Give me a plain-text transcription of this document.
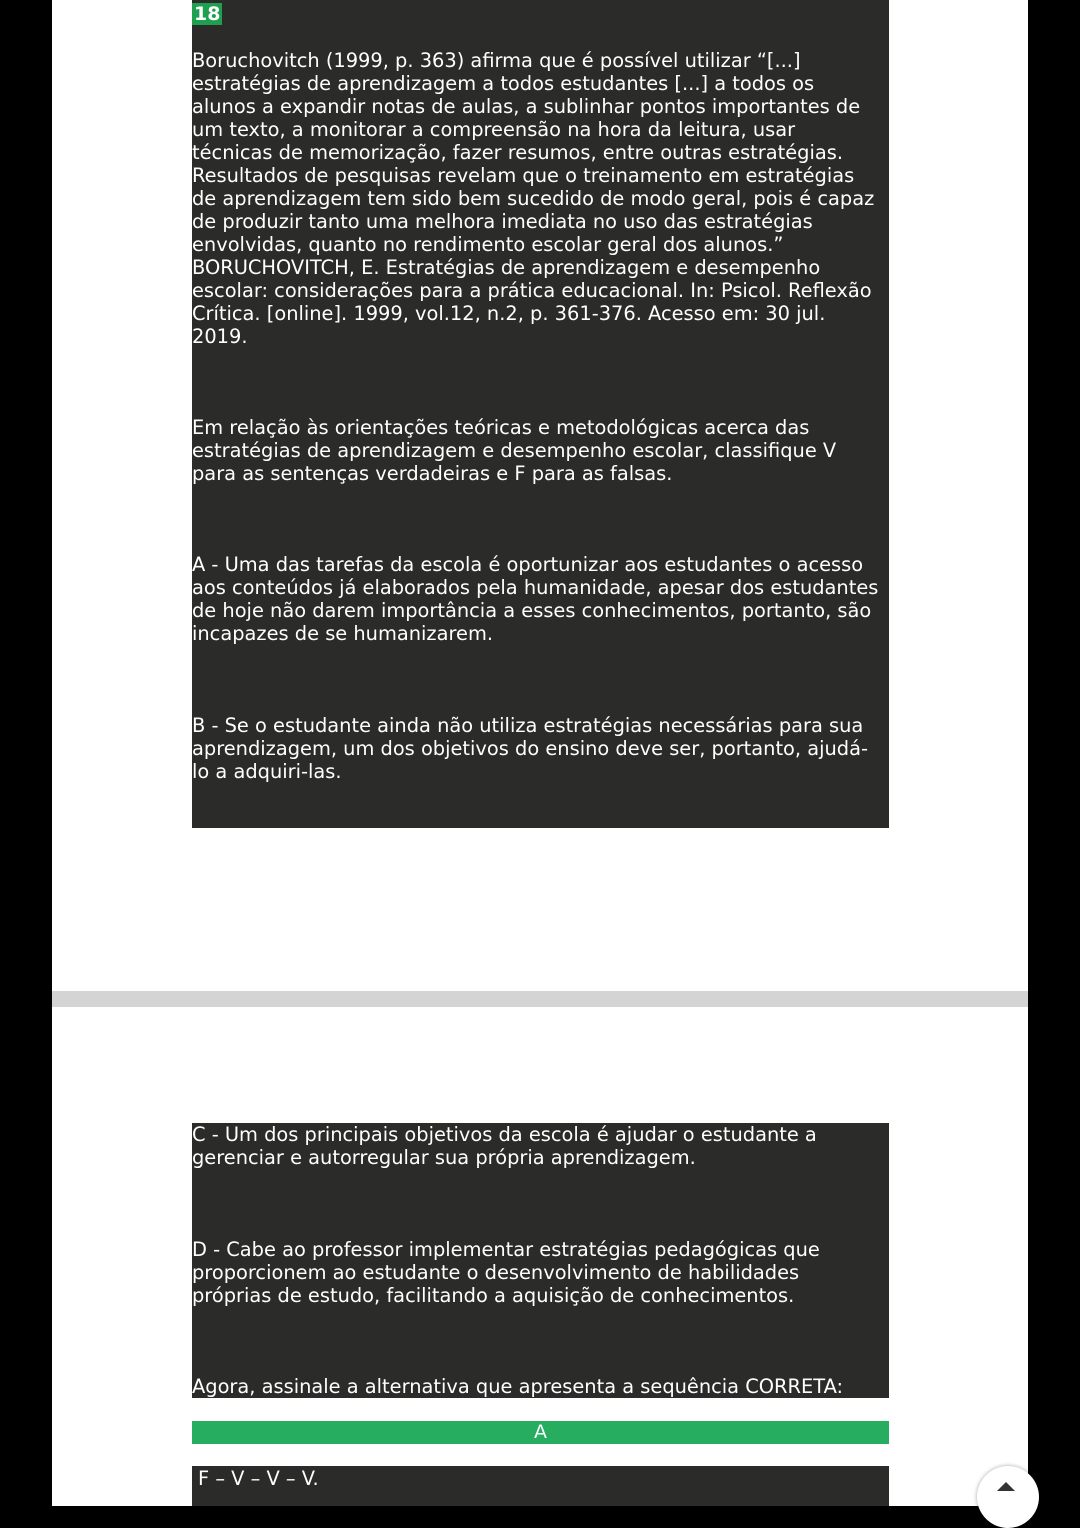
18
Boruchovitch (1999, p. 363) afirma que é possível utilizar “[...]
estratégias de aprendizagem a todos estudantes [...] a todos os
alunos a expandir notas de aulas, a sublinhar pontos importantes de
um texto, a monitorar a compreensão na hora da leitura, usar
técnicas de memorização, fazer resumos, entre outras estratégias.
Resultados de pesquisas revelam que o treinamento em estratégias
de aprendizagem tem sido bem sucedido de modo geral, pois é capaz
de produzir tanto uma melhora imediata no uso das estratégias
envolvidas, quanto no rendimento escolar geral dos alunos.”
BORUCHOVITCH, E. Estratégias de aprendizagem e desempenho
escolar: considerações para a prática educacional. In: Psicol. Reflexão
Crítica. [online]. 1999, vol.12, n.2, p. 361-376. Acesso em: 30 jul.
2019.
Em relação às orientações teóricas e metodológicas acerca das
estratégias de aprendizagem e desempenho escolar, classifique V
para as sentenças verdadeiras e F para as falsas.
A - Uma das tarefas da escola é oportunizar aos estudantes o acesso
aos conteúdos já elaborados pela humanidade, apesar dos estudantes
de hoje não darem importância a esses conhecimentos, portanto, são
incapazes de se humanizarem.
B - Se o estudante ainda não utiliza estratégias necessárias para sua
aprendizagem, um dos objetivos do ensino deve ser, portanto, ajudá-
lo a adquiri-las.
C - Um dos principais objetivos da escola é ajudar o estudante a
gerenciar e autorregular sua própria aprendizagem.
D - Cabe ao professor implementar estratégias pedagógicas que
proporcionem ao estudante o desenvolvimento de habilidades
próprias de estudo, facilitando a aquisição de conhecimentos.
Agora, assinale a alternativa que apresenta a sequência CORRETA:
A
F – V – V – V.
